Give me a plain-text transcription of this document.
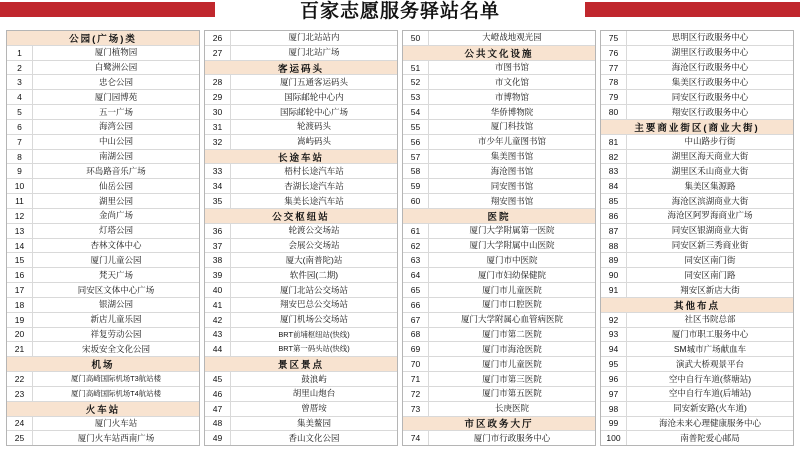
百家志愿服务驿站名单
公园(广场)类
1	厦门植物园
2	白鹭洲公园
3	忠仑公园
4	厦门园博苑
5	五一广场
6	海湾公园
7	中山公园
8	南湖公园
9	环岛路音乐广场
10	仙岳公园
11	湖里公园
12	金尚广场
13	灯塔公园
14	杏林文体中心
15	厦门儿童公园
16	梵天广场
17	同安区文体中心广场
18	银湖公园
19	新店儿童乐园
20	祥复劳动公园
21	宋坂安全文化公园
机场
22	厦门高崎国际机场T3航站楼
23	厦门高崎国际机场T4航站楼
火车站
24	厦门火车站
25	厦门火车站西南广场
26	厦门北站站内
27	厦门北站广场
客运码头
28	厦门五通客运码头
29	国际邮轮中心内
30	国际邮轮中心广场
31	轮渡码头
32	嵩屿码头
长途车站
33	梧村长途汽车站
34	杏湖长途汽车站
35	集美长途汽车站
公交枢纽站
36	轮渡公交场站
37	会展公交场站
38	厦大(南普陀)站
39	软件园(二期)
40	厦门北站公交场站
41	翔安巴总公交场站
42	厦门机场公交场站
43	BRT前埔枢纽站(快线)
44	BRT第一码头站(快线)
景区景点
45	鼓浪屿
46	胡里山炮台
47	曾厝垵
48	集美鳌园
49	香山文化公园
50	大嶝战地观光园
公共文化设施
51	市图书馆
52	市文化馆
53	市博物馆
54	华侨博物院
55	厦门科技馆
56	市少年儿童图书馆
57	集美图书馆
58	海沧图书馆
59	同安图书馆
60	翔安图书馆
医院
61	厦门大学附属第一医院
62	厦门大学附属中山医院
63	厦门市中医院
64	厦门市妇幼保健院
65	厦门市儿童医院
66	厦门市口腔医院
67	厦门大学附属心血管病医院
68	厦门市第二医院
69	厦门市海沧医院
70	厦门市儿童医院
71	厦门市第三医院
72	厦门市第五医院
73	长庚医院
市区政务大厅
74	厦门市行政服务中心
75	思明区行政服务中心
76	湖里区行政服务中心
77	海沧区行政服务中心
78	集美区行政服务中心
79	同安区行政服务中心
80	翔安区行政服务中心
主要商业街区(商业大街)
81	中山路步行街
82	湖里区海天商业大街
83	湖里区禾山商业大街
84	集美区集源路
85	海沧区滨湖商业大街
86	海沧区阿罗海商业广场
87	同安区银湖商业大街
88	同安区新三秀商业街
89	同安区南门街
90	同安区南门路
91	翔安区新店大街
其他布点
92	社区书院总部
93	厦门市职工服务中心
94	SM城市广场献血车
95	演武大桥观景平台
96	空中自行车道(蔡塘站)
97	空中自行车道(后埔站)
98	同安新安路(火车道)
99	海沧未来心理健康服务中心
100	南普陀爱心邮局
